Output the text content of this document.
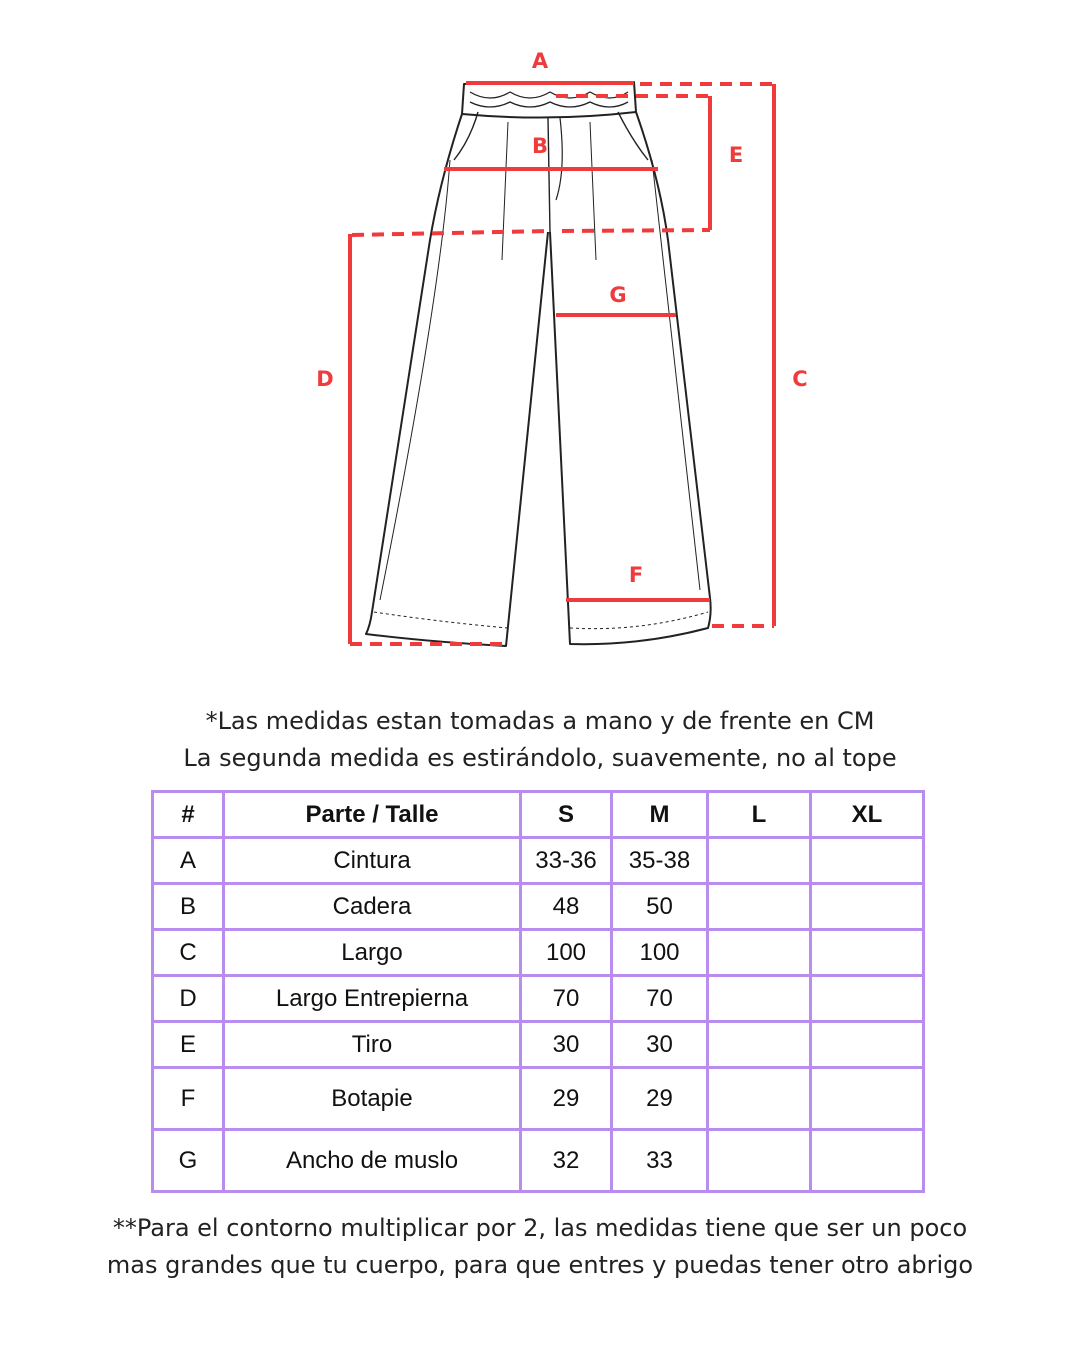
A
B	E
G
D	C
F
*Las medidas estan tomadas a mano y de frente en CM
La segunda medida es estirándolo, suavemente, no al tope
#	Parte / Talle	S	M	L	XL
A	Cintura	33-36	35-38		
B	Cadera	48	50		
C	Largo	100	100		
D	Largo Entrepierna	70	70		
E	Tiro	30	30		
F	Botapie	29	29		
G	Ancho de muslo	32	33		
**Para el contorno multiplicar por 2, las medidas tiene que ser un poco
mas grandes que tu cuerpo, para que entres y puedas tener otro abrigo
